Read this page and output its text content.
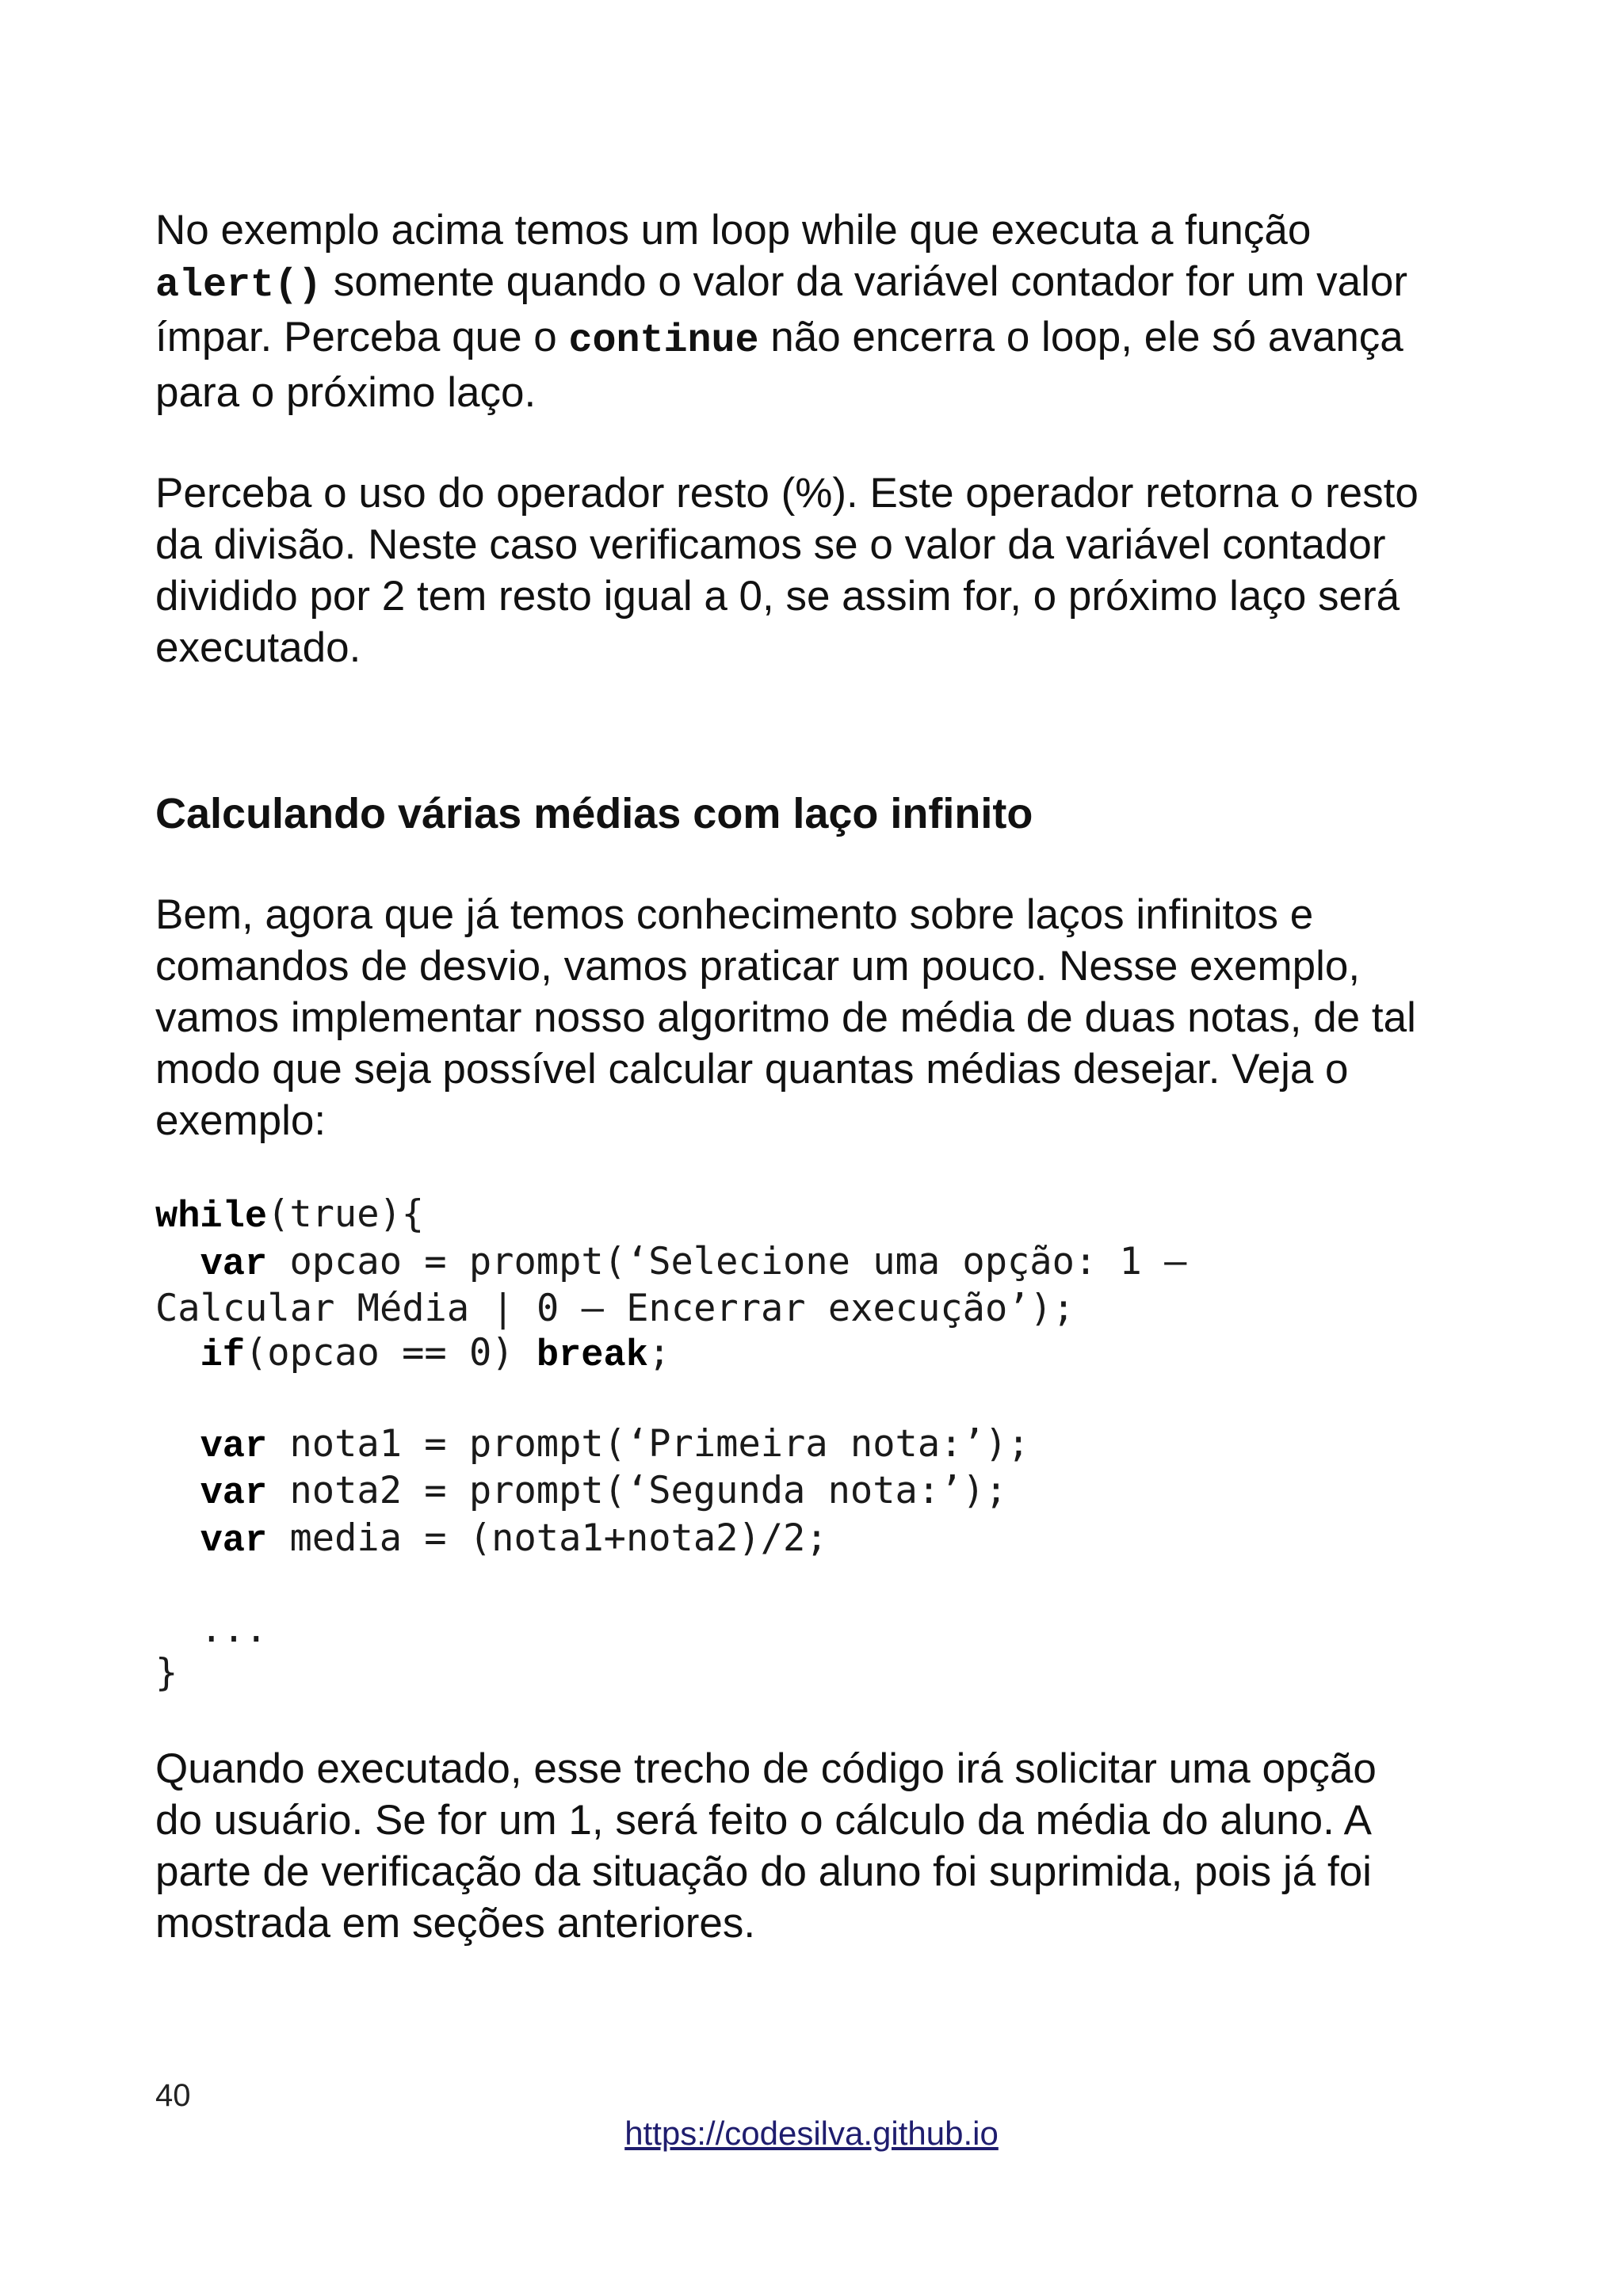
No exemplo acima temos um loop while que executa a função
alert() somente quando o valor da variável contador for um valor
ímpar. Perceba que o continue não encerra o loop, ele só avança
para o próximo laço.

Perceba o uso do operador resto (%). Este operador retorna o resto
da divisão. Neste caso verificamos se o valor da variável contador
dividido por 2 tem resto igual a 0, se assim for, o próximo laço será
executado.

Calculando várias médias com laço infinito

Bem, agora que já temos conhecimento sobre laços infinitos e
comandos de desvio, vamos praticar um pouco. Nesse exemplo,
vamos implementar nosso algoritmo de média de duas notas, de tal
modo que seja possível calcular quantas médias desejar. Veja o
exemplo:

while(true){
var opcao = prompt(‘Selecione uma opção: 1 –
Calcular Média | 0 – Encerrar execução’);
if(opcao == 0) break;

var nota1 = prompt(‘Primeira nota:’);
var nota2 = prompt(‘Segunda nota:’);
var media = (nota1+nota2)/2;

...
}

Quando executado, esse trecho de código irá solicitar uma opção
do usuário. Se for um 1, será feito o cálculo da média do aluno. A
parte de verificação da situação do aluno foi suprimida, pois já foi
mostrada em seções anteriores.

40
https://codesilva.github.io
